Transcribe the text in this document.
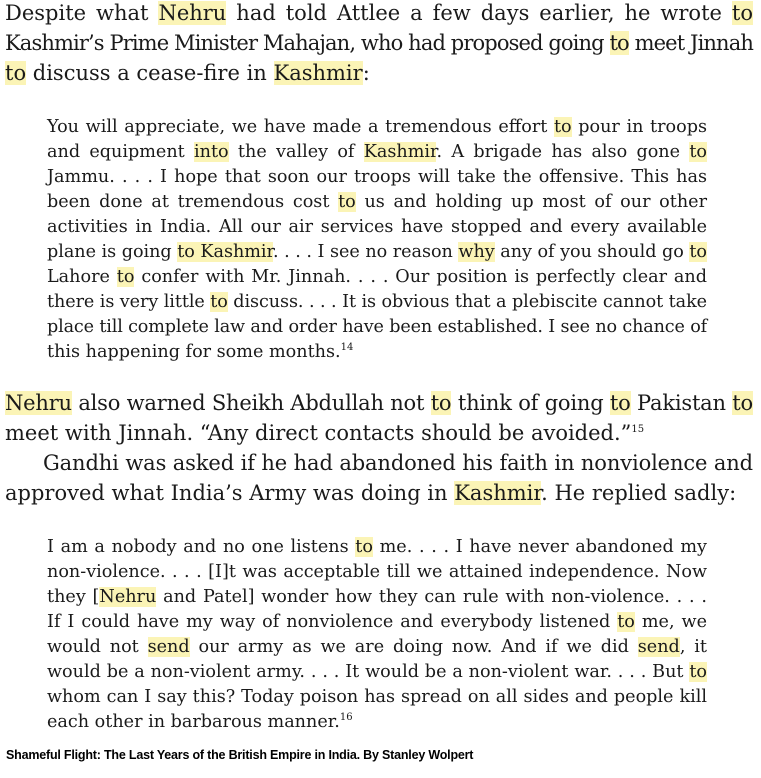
Despite what Nehru had told Attlee a few days earlier, he wrote to
Kashmir’s Prime Minister Mahajan, who had proposed going to meet Jinnah
to discuss a cease-fire in Kashmir:
You will appreciate, we have made a tremendous effort to pour in troops
and equipment into the valley of Kashmir. A brigade has also gone to
Jammu. . . . I hope that soon our troops will take the offensive. This has
been done at tremendous cost to us and holding up most of our other
activities in India. All our air services have stopped and every available
plane is going to Kashmir. . . . I see no reason why any of you should go to
Lahore to confer with Mr. Jinnah. . . . Our position is perfectly clear and
there is very little to discuss. . . . It is obvious that a plebiscite cannot take
place till complete law and order have been established. I see no chance of
this happening for some months.$^{14}$
Nehru also warned Sheikh Abdullah not to think of going to Pakistan to
meet with Jinnah. “Any direct contacts should be avoided.”$^{15}$
Gandhi was asked if he had abandoned his faith in nonviolence and
approved what India’s Army was doing in Kashmir. He replied sadly:
I am a nobody and no one listens to me. . . . I have never abandoned my
non-violence. . . . [I]t was acceptable till we attained independence. Now
they [Nehru and Patel] wonder how they can rule with non-violence. . . .
If I could have my way of nonviolence and everybody listened to me, we
would not send our army as we are doing now. And if we did send, it
would be a non-violent army. . . . It would be a non-violent war. . . . But to
whom can I say this? Today poison has spread on all sides and people kill
each other in barbarous manner.$^{16}$
Shameful Flight: The Last Years of the British Empire in India. By Stanley Wolpert
